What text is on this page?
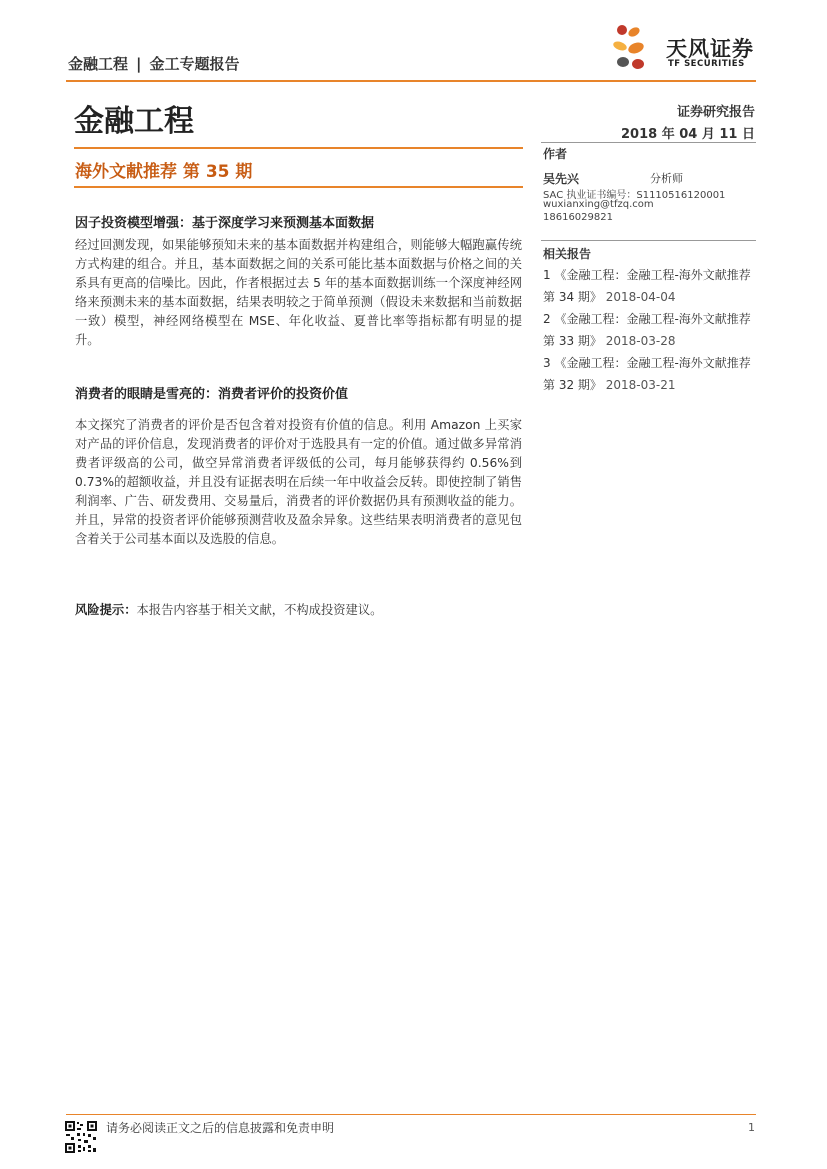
金融工程 | 金工专题报告
天风证券
TF SECURITIES
金融工程	证券研究报告
2018 年 04 月 11 日
海外文献推荐 第 35 期
因子投资模型增强：基于深度学习来预测基本面数据
经过回测发现，如果能够预知未来的基本面数据并构建组合，则能够大幅跑赢传统方式构建的组合。并且，基本面数据之间的关系可能比基本面数据与价格之间的关系具有更高的信噪比。因此，作者根据过去 5 年的基本面数据训练一个深度神经网络来预测未来的基本面数据，结果表明较之于简单预测（假设未来数据和当前数据一致）模型，神经网络模型在 MSE、年化收益、夏普比率等指标都有明显的提升。
消费者的眼睛是雪亮的：消费者评价的投资价值
本文探究了消费者的评价是否包含着对投资有价值的信息。利用 Amazon 上买家对产品的评价信息，发现消费者的评价对于选股具有一定的价值。通过做多异常消费者评级高的公司，做空异常消费者评级低的公司，每月能够获得约 0.56%到 0.73%的超额收益，并且没有证据表明在后续一年中收益会反转。即使控制了销售利润率、广告、研发费用、交易量后，消费者的评价数据仍具有预测收益的能力。并且，异常的投资者评价能够预测营收及盈余异象。这些结果表明消费者的意见包含着关于公司基本面以及选股的信息。
风险提示：本报告内容基于相关文献，不构成投资建议。
作者
吴先兴	分析师
SAC 执业证书编号：S1110516120001
wuxianxing@tfzq.com
18616029821
相关报告
1 《金融工程：金融工程-海外文献推荐 第 34 期》 2018-04-04
2 《金融工程：金融工程-海外文献推荐 第 33 期》 2018-03-28
3 《金融工程：金融工程-海外文献推荐 第 32 期》 2018-03-21
请务必阅读正文之后的信息披露和免责申明	1
